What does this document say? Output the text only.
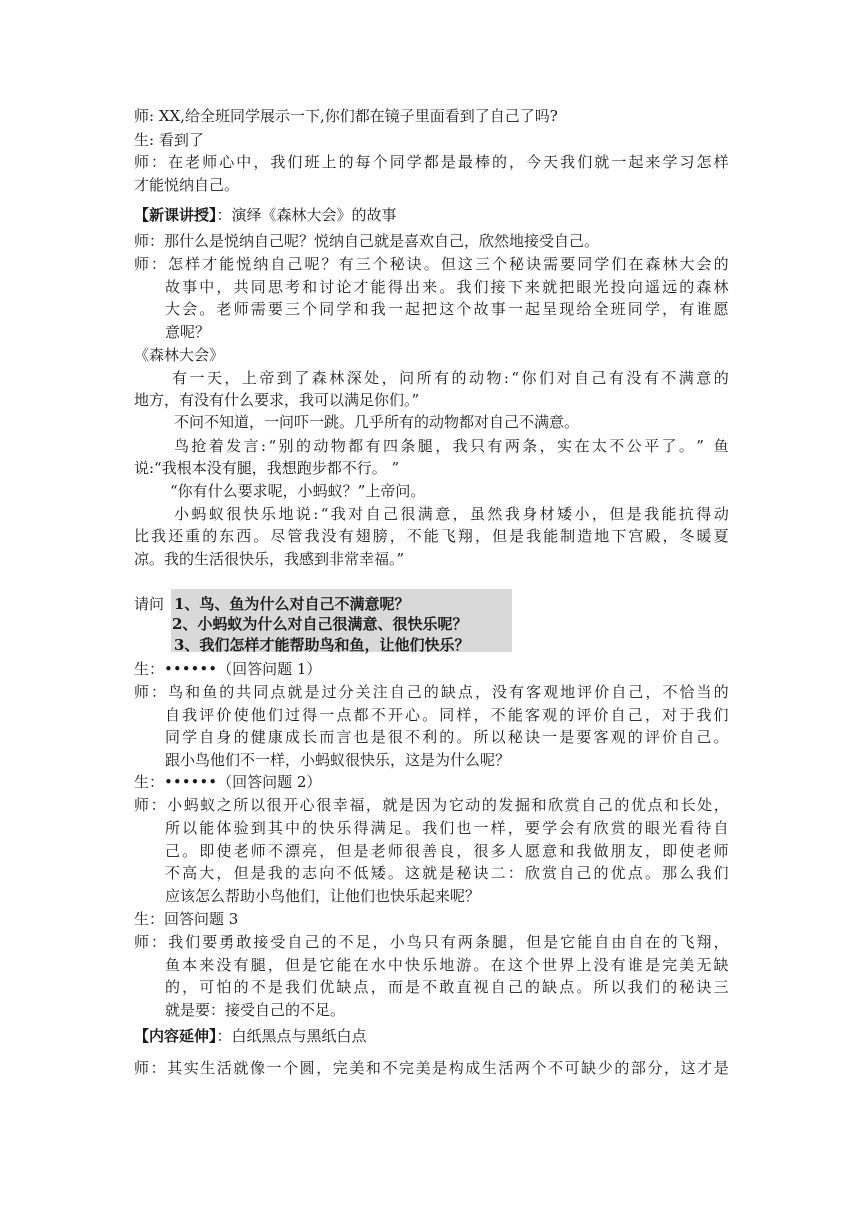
师: XX,给全班同学展示一下,你们都在镜子里面看到了自己了吗?
生: 看到了
师 ： 在 老 师 心 中 ， 我 们 班 上 的 每 个 同 学 都 是 最 棒 的 ， 今 天 我 们 就 一 起 来 学 习 怎 样
才能悦纳自己。
【新课讲授】：演绎《森林大会》的故事
师：那什么是悦纳自己呢？悦纳自己就是喜欢自己，欣然地接受自己。
师 ： 怎 样 才 能 悦 纳 自 己 呢 ？ 有 三 个 秘 诀 。 但 这 三 个 秘 诀 需 要 同 学 们 在 森 林 大 会 的
故 事 中 ， 共 同 思 考 和 讨 论 才 能 得 出 来 。 我 们 接 下 来 就 把 眼 光 投 向 遥 远 的 森 林
大 会 。 老 师 需 要 三 个 同 学 和 我 一 起 把 这 个 故 事 一 起 呈 现 给 全 班 同 学 ， 有 谁 愿
意呢？
《森林大会》
有 一 天 ， 上 帝 到 了 森 林 深 处 ， 问 所 有 的 动 物 : “ 你 们 对 自 己 有 没 有 不 满 意 的
地方，有没有什么要求，我可以满足你们。”
不问不知道，一问吓一跳。几乎所有的动物都对自己不满意。
鸟 抢 着 发 言 : “ 别 的 动 物 都 有 四 条 腿 ， 我 只 有 两 条 ， 实 在 太 不 公 平 了 。 ”
鱼
说:“我根本没有腿，我想跑步都不行。 ”
“你有什么要求呢，小蚂蚁？”上帝问。
小 蚂 蚁 很 快 乐 地 说 : “ 我 对 自 己 很 满 意 ， 虽 然 我 身 材 矮 小 ， 但 是 我 能 抗 得 动
比 我 还 重 的 东 西 。 尽 管 我 没 有 翅 膀 ， 不 能 飞 翔 ， 但 是 我 能 制 造 地 下 宫 殿 ， 冬 暖 夏
凉。我的生活很快乐，我感到非常幸福。”
请问 1、鸟、鱼为什么对自己不满意呢？
2、小蚂蚁为什么对自己很满意、很快乐呢？
3、我们怎样才能帮助鸟和鱼，让他们快乐？
生：••••••（回答问题 1）
师 ： 鸟 和 鱼 的 共 同 点 就 是 过 分 关 注 自 己 的 缺 点 ， 没 有 客 观 地 评 价 自 己 ， 不 恰 当 的
自 我 评 价 使 他 们 过 得 一 点 都 不 开 心 。 同 样 ， 不 能 客 观 的 评 价 自 己 ， 对 于 我 们
同 学 自 身 的 健 康 成 长 而 言 也 是 很 不 利 的 。 所 以 秘 诀 一 是 要 客 观 的 评 价 自 己 。
跟小鸟他们不一样，小蚂蚁很快乐，这是为什么呢？
生：••••••（回答问题 2）
师 ： 小 蚂 蚁 之 所 以 很 开 心 很 幸 福 ， 就 是 因 为 它 动 的 发 掘 和 欣 赏 自 己 的 优 点 和 长 处 ，
所 以 能 体 验 到 其 中 的 快 乐 得 满 足 。 我 们 也 一 样 ， 要 学 会 有 欣 赏 的 眼 光 看 待 自
己 。 即 使 老 师 不 漂 亮 ， 但 是 老 师 很 善 良 ， 很 多 人 愿 意 和 我 做 朋 友 ， 即 使 老 师
不 高 大 ， 但 是 我 的 志 向 不 低 矮 。 这 就 是 秘 诀 二 ： 欣 赏 自 己 的 优 点 。 那 么 我 们
应该怎么帮助小鸟他们，让他们也快乐起来呢？
生：回答问题 3
师 ： 我 们 要 勇 敢 接 受 自 己 的 不 足 ， 小 鸟 只 有 两 条 腿 ， 但 是 它 能 自 由 自 在 的 飞 翔 ，
鱼 本 来 没 有 腿 ， 但 是 它 能 在 水 中 快 乐 地 游 。 在 这 个 世 界 上 没 有 谁 是 完 美 无 缺
的 ， 可 怕 的 不 是 我 们 优 缺 点 ， 而 是 不 敢 直 视 自 己 的 缺 点 。 所 以 我 们 的 秘 诀 三
就是要：接受自己的不足。
【内容延伸】：白纸黑点与黑纸白点
师 ： 其 实 生 活 就 像 一 个 圆 ， 完 美 和 不 完 美 是 构 成 生 活 两 个 不 可 缺 少 的 部 分 ， 这 才 是
